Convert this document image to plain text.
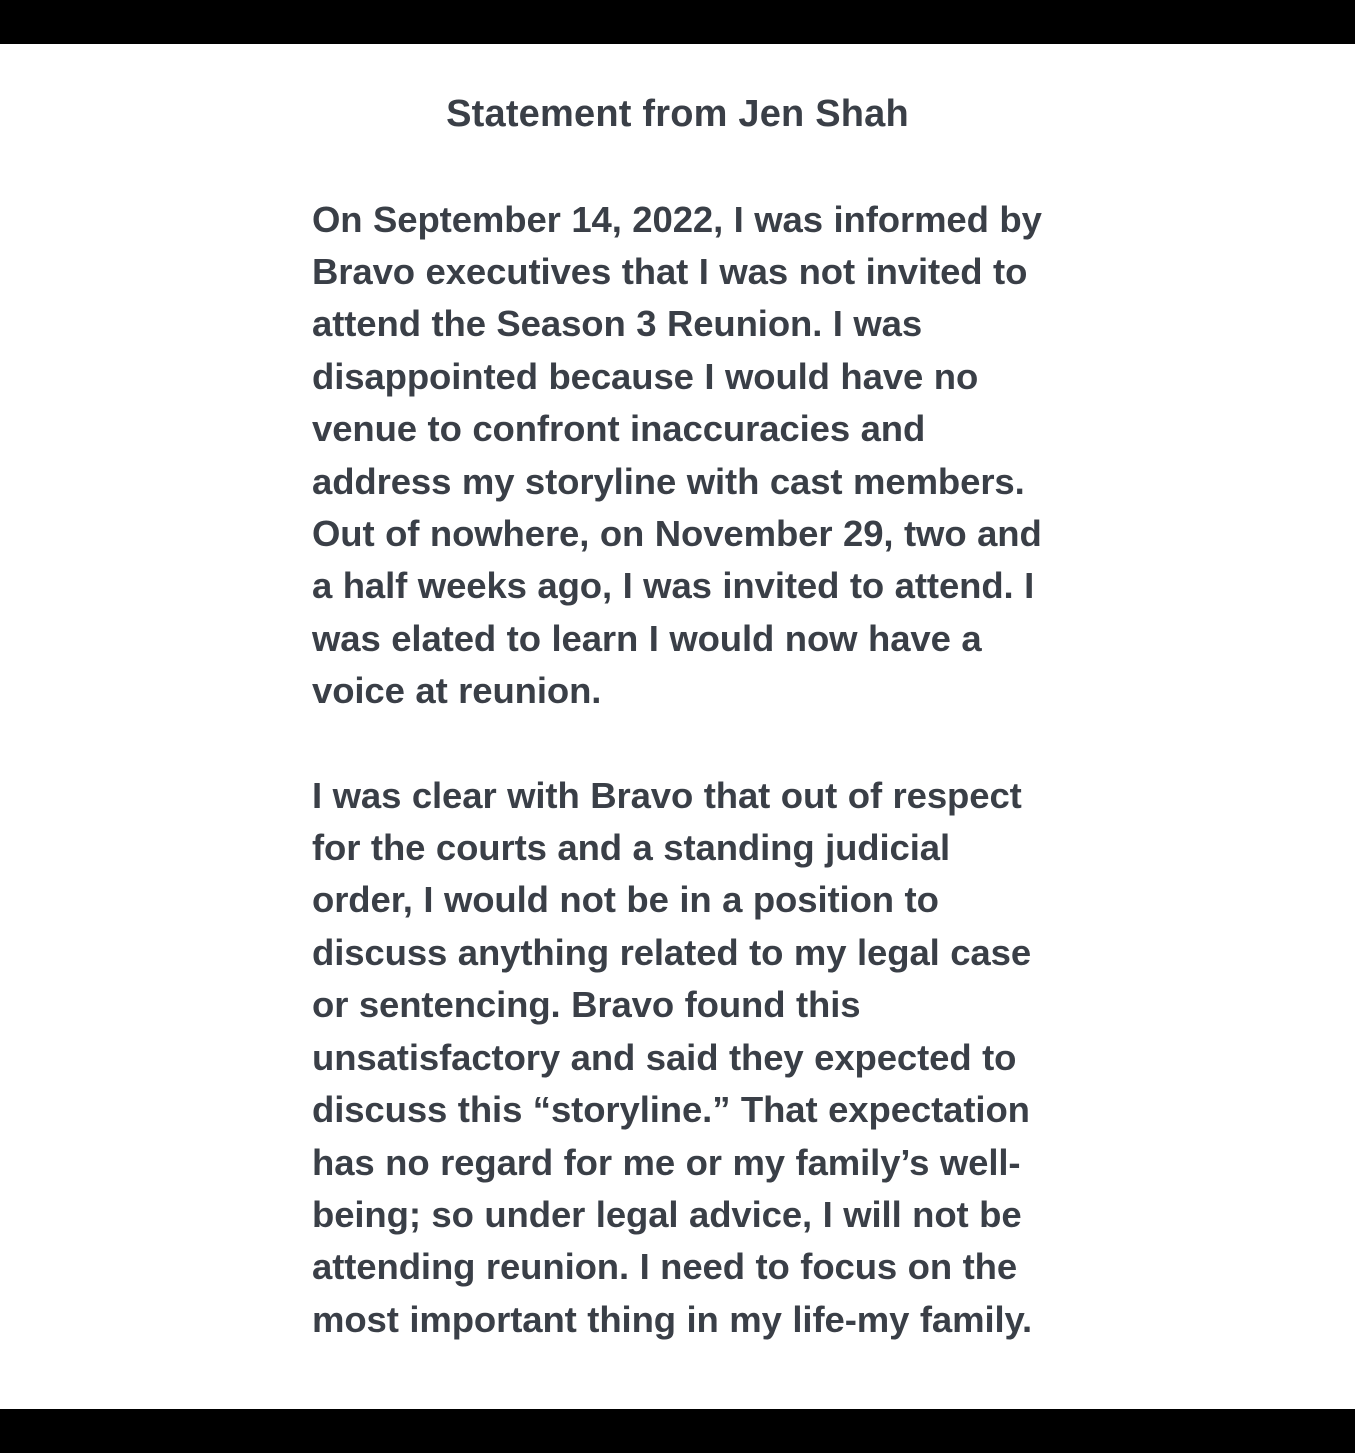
Statement from Jen Shah

On September 14, 2022, I was informed by Bravo executives that I was not invited to attend the Season 3 Reunion. I was disappointed because I would have no venue to confront inaccuracies and address my storyline with cast members. Out of nowhere, on November 29, two and a half weeks ago, I was invited to attend. I was elated to learn I would now have a voice at reunion.

I was clear with Bravo that out of respect for the courts and a standing judicial order, I would not be in a position to discuss anything related to my legal case or sentencing. Bravo found this unsatisfactory and said they expected to discuss this “storyline.” That expectation has no regard for me or my family’s well-being; so under legal advice, I will not be attending reunion. I need to focus on the most important thing in my life-my family.
